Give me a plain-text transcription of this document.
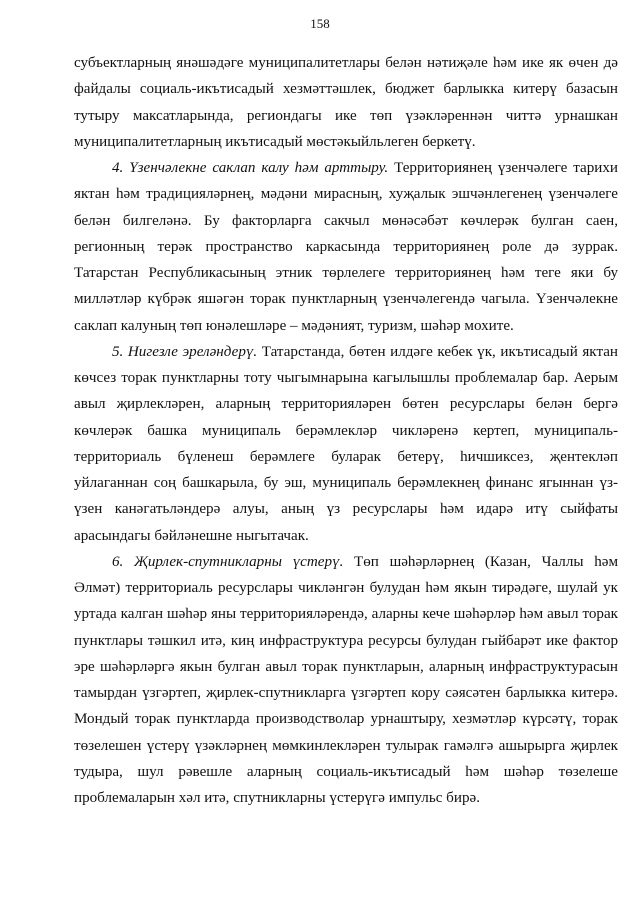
158

субъектларның янәшәдәге муниципалитетлары белән нәтиҗәле һәм ике як өчен дә файдалы социаль-икътисадый хезмәттәшлек, бюджет барлыкка китерү базасын тутыру максатларында, региондагы ике төп үзәкләреннән читтә урнашкан муниципалитетларның икътисадый мөстәкыйльлеген беркетү.

4. Үзенчәлекне саклап калу һәм арттыру. Территориянең үзенчәлеге тарихи яктан һәм традицияләрнең, мәдәни мирасның, хуҗалык эшчәнлегенең үзенчәлеге белән билгеләнә. Бу факторларга сакчыл мөнәсәбәт көчлерәк булган саен, регионның терәк пространство каркасында территориянең роле дә зуррак. Татарстан Республикасының этник төрлелеге территориянең һәм теге яки бу милләтләр күбрәк яшәгән торак пунктларның үзенчәлегендә чагыла. Үзенчәлекне саклап калуның төп юнәлешләре – мәдәният, туризм, шәһәр мохите.

5. Нигезле эреләндерү. Татарстанда, бөтен илдәге кебек үк, икътисадый яктан көчсез торак пунктларны тоту чыгымнарына кагылышлы проблемалар бар. Аерым авыл җирлекләрен, аларның территорияләрен бөтен ресурслары белән бергә көчлерәк башка муниципаль берәмлекләр чикләренә кертеп, муниципаль-территориаль бүленеш берәмлеге буларак бетерү, һичшиксез, җентекләп уйлаганнан соң башкарыла, бу эш, муниципаль берәмлекнең финанс ягыннан үз-үзен канәгатьләндерә алуы, аның үз ресурслары һәм идарә итү сыйфаты арасындагы бәйләнешне ныгытачак.

6. Җирлек-спутникларны үстерү. Төп шәһәрләрнең (Казан, Чаллы һәм Әлмәт) территориаль ресурслары чикләнгән булудан һәм якын тирәдәге, шулай ук уртада калган шәһәр яны территорияләрендә, аларны кече шәһәрләр һәм авыл торак пунктлары тәшкил итә, киң инфраструктура ресурсы булудан гыйбарәт ике фактор эре шәһәрләргә якын булган авыл торак пунктларын, аларның инфраструктурасын тамырдан үзгәртеп, җирлек-спутникларга үзгәртеп кору сәясәтен барлыкка китерә. Мондый торак пунктларда производстволар урнаштыру, хезмәтләр күрсәтү, торак төзелешен үстерү үзәкләрнең мөмкинлекләрен тулырак гамәлгә ашырырга җирлек тудыра, шул рәвешле аларның социаль-икътисадый һәм шәһәр төзелеше проблемаларын хәл итә, спутникларны үстерүгә импульс бирә.
